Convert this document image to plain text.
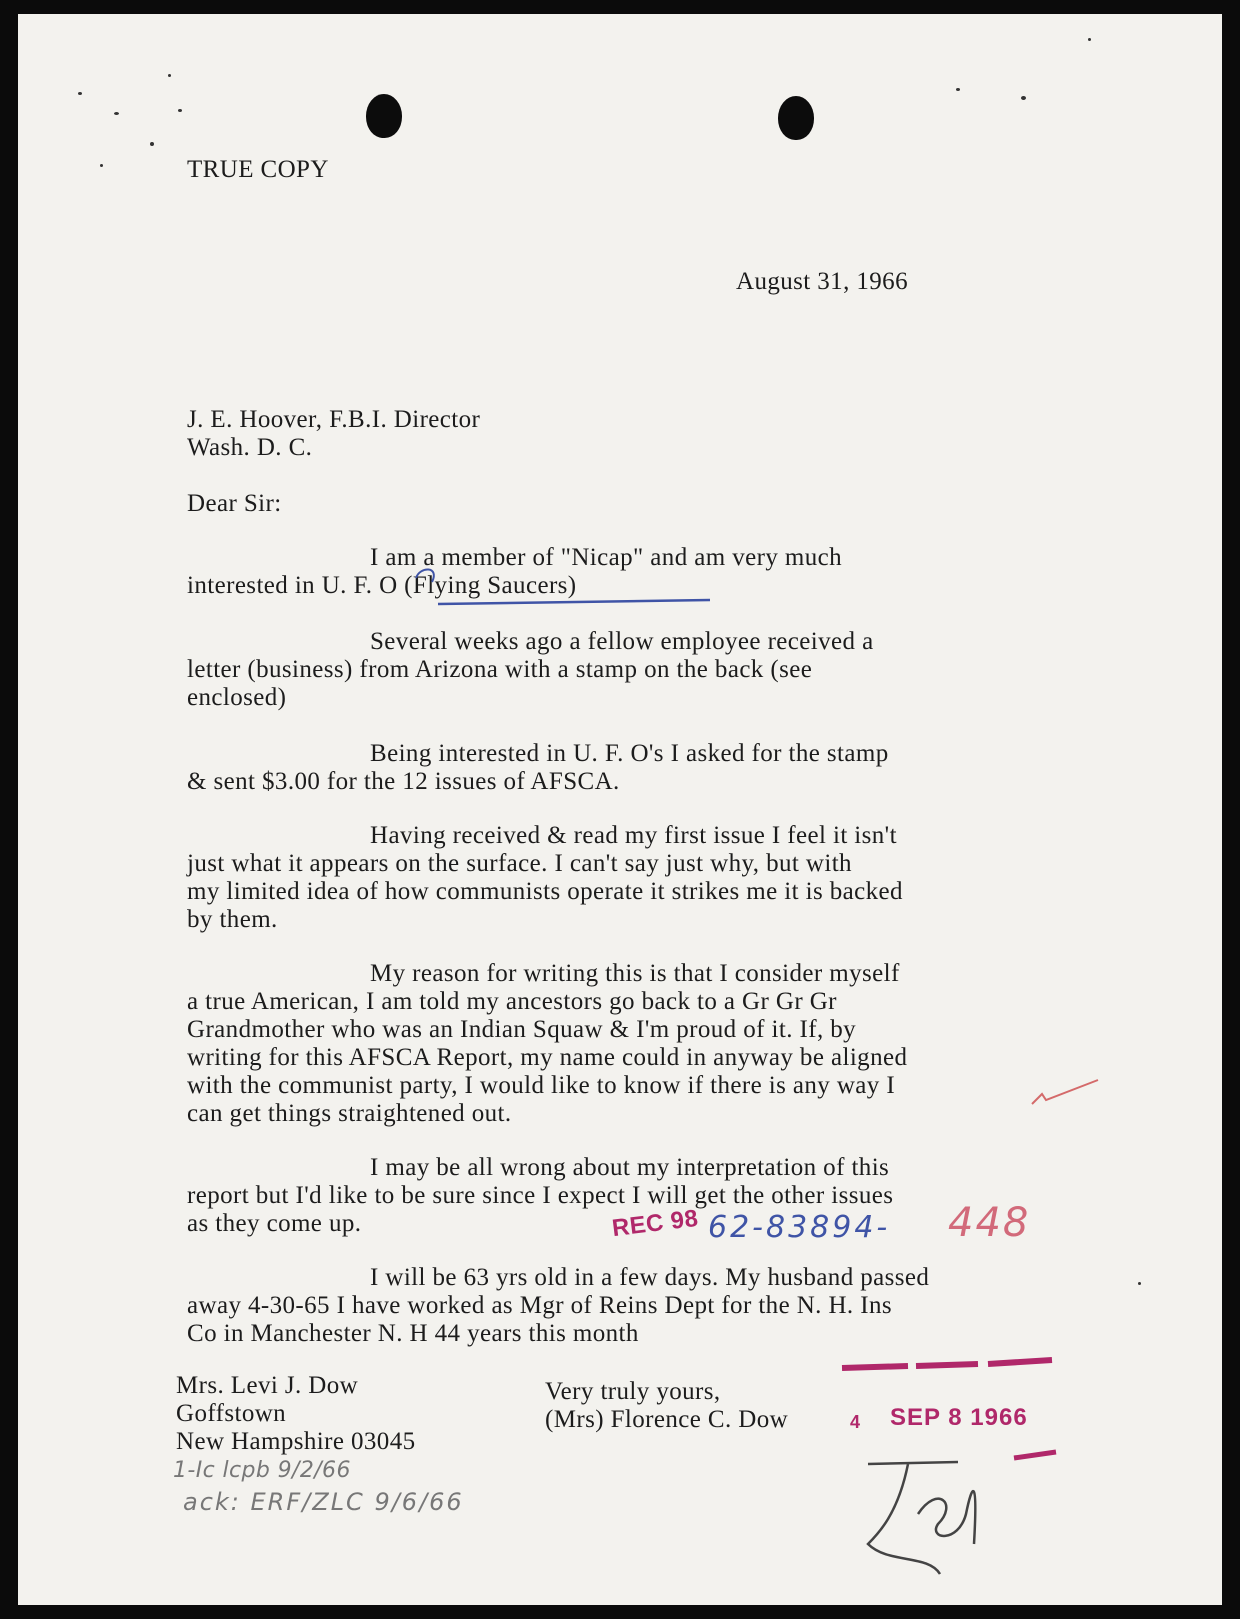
TRUE COPY

August 31, 1966

J. E. Hoover, F.B.I. Director

Wash. D. C.

Dear Sir:

I am a member of "Nicap" and am very much

interested in U. F. O (Flying Saucers)

Several weeks ago a fellow employee received a

letter (business) from Arizona with a stamp on the back (see

enclosed)

Being interested in U. F. O's I asked for the stamp

& sent $3.00 for the 12 issues of AFSCA.

Having received & read my first issue I feel it isn't

just what it appears on the surface. I can't say just why, but with

my limited idea of how communists operate it strikes me it is backed

by them.

My reason for writing this is that I consider myself

a true American, I am told my ancestors go back to a Gr Gr Gr

Grandmother who was an Indian Squaw & I'm proud of it. If, by

writing for this AFSCA Report, my name could in anyway be aligned

with the communist party, I would like to know if there is any way I

can get things straightened out.

I may be all wrong about my interpretation of this

report but I'd like to be sure since I expect I will get the other issues

as they come up.

I will be 63 yrs old in a few days. My husband passed

away 4-30-65 I have worked as Mgr of Reins Dept for the N. H. Ins

Co in Manchester N. H 44 years this month

Mrs. Levi J. Dow

Goffstown

New Hampshire 03045

Very truly yours,

(Mrs) Florence C. Dow

REC 98 62-83894- 448

4 SEP 8 1966

1-Ic lcpb 9/2/66

ack: ERF/ZLC 9/6/66
